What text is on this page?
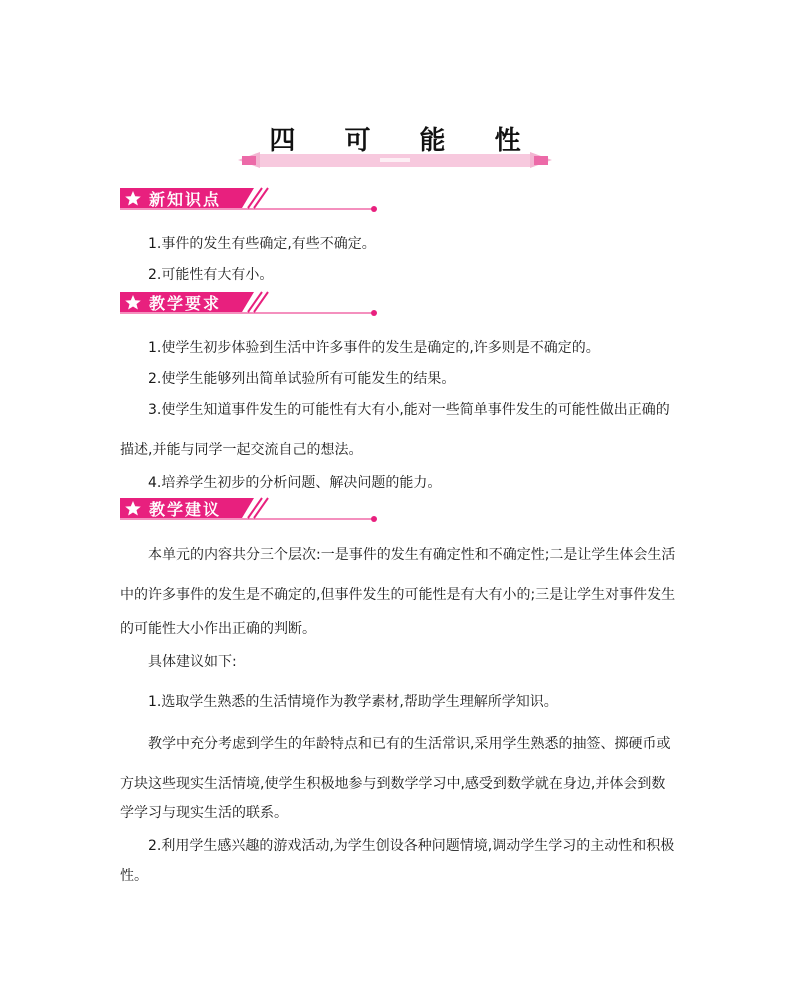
四 可 能 性
新知识点
1.事件的发生有些确定,有些不确定。
2.可能性有大有小。
教学要求
1.使学生初步体验到生活中许多事件的发生是确定的,许多则是不确定的。
2.使学生能够列出简单试验所有可能发生的结果。
3.使学生知道事件发生的可能性有大有小,能对一些简单事件发生的可能性做出正确的
描述,并能与同学一起交流自己的想法。
4.培养学生初步的分析问题、解决问题的能力。
教学建议
本单元的内容共分三个层次:一是事件的发生有确定性和不确定性;二是让学生体会生活
中的许多事件的发生是不确定的,但事件发生的可能性是有大有小的;三是让学生对事件发生
的可能性大小作出正确的判断。
具体建议如下:
1.选取学生熟悉的生活情境作为教学素材,帮助学生理解所学知识。
教学中充分考虑到学生的年龄特点和已有的生活常识,采用学生熟悉的抽签、掷硬币或
方块这些现实生活情境,使学生积极地参与到数学学习中,感受到数学就在身边,并体会到数
学学习与现实生活的联系。
2.利用学生感兴趣的游戏活动,为学生创设各种问题情境,调动学生学习的主动性和积极
性。
